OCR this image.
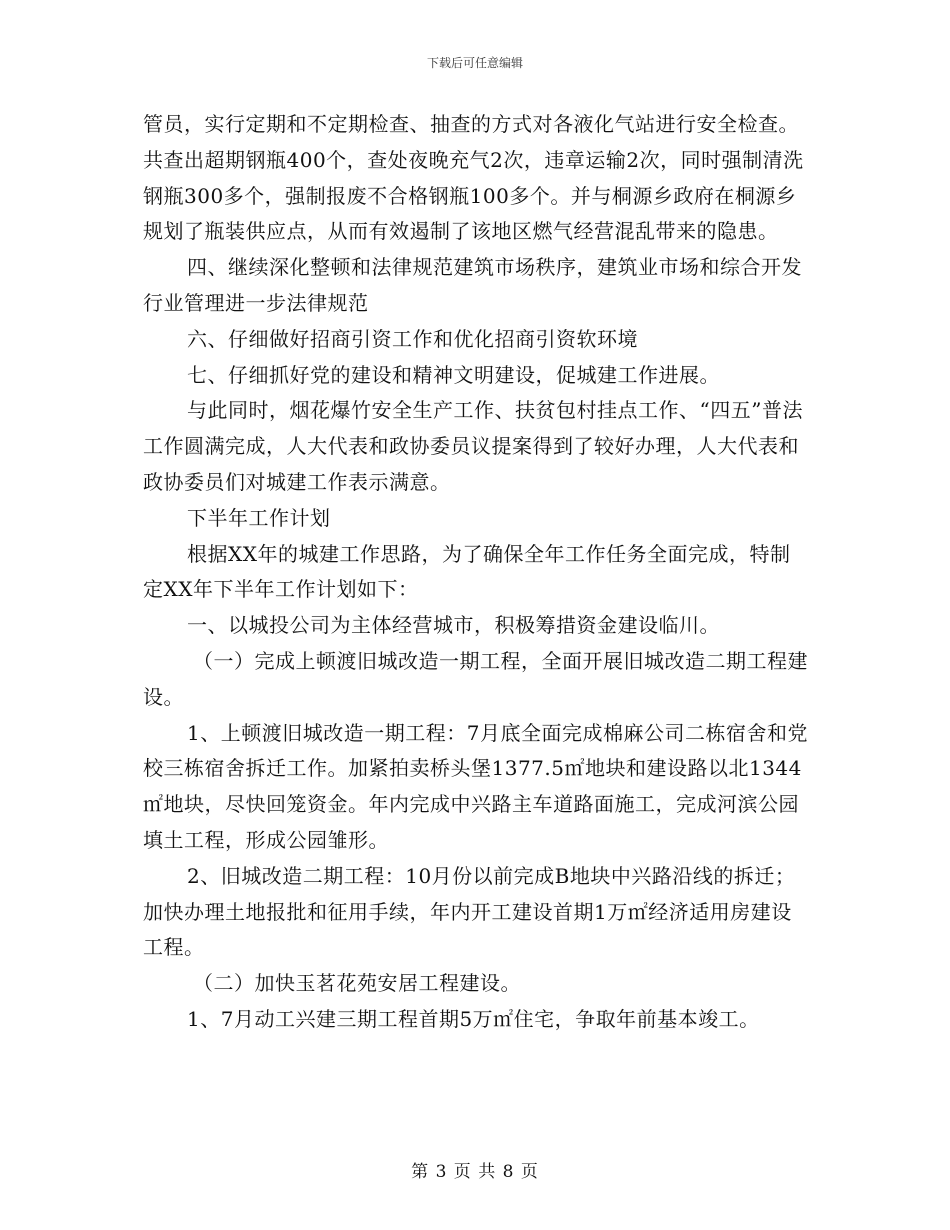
下载后可任意编辑

管员，实行定期和不定期检查、抽查的方式对各液化气站进行安全检查。共查出超期钢瓶400个，查处夜晚充气2次，违章运输2次，同时强制清洗钢瓶300多个，强制报废不合格钢瓶100多个。并与桐源乡政府在桐源乡规划了瓶装供应点，从而有效遏制了该地区燃气经营混乱带来的隐患。

四、继续深化整顿和法律规范建筑市场秩序，建筑业市场和综合开发行业管理进一步法律规范

六、仔细做好招商引资工作和优化招商引资软环境

七、仔细抓好党的建设和精神文明建设，促城建工作进展。

与此同时，烟花爆竹安全生产工作、扶贫包村挂点工作、“四五”普法工作圆满完成，人大代表和政协委员议提案得到了较好办理，人大代表和政协委员们对城建工作表示满意。

下半年工作计划

根据XX年的城建工作思路，为了确保全年工作任务全面完成，特制定XX年下半年工作计划如下：

一、以城投公司为主体经营城市，积极筹措资金建设临川。

（一）完成上顿渡旧城改造一期工程，全面开展旧城改造二期工程建设。

1、上顿渡旧城改造一期工程：7月底全面完成棉麻公司二栋宿舍和党校三栋宿舍拆迁工作。加紧拍卖桥头堡1377.5㎡地块和建设路以北1344㎡地块，尽快回笼资金。年内完成中兴路主车道路面施工，完成河滨公园填土工程，形成公园雏形。

2、旧城改造二期工程：10月份以前完成B地块中兴路沿线的拆迁；加快办理土地报批和征用手续，年内开工建设首期1万㎡经济适用房建设工程。

（二）加快玉茗花苑安居工程建设。

1、7月动工兴建三期工程首期5万㎡住宅，争取年前基本竣工。

第 3 页 共 8 页
